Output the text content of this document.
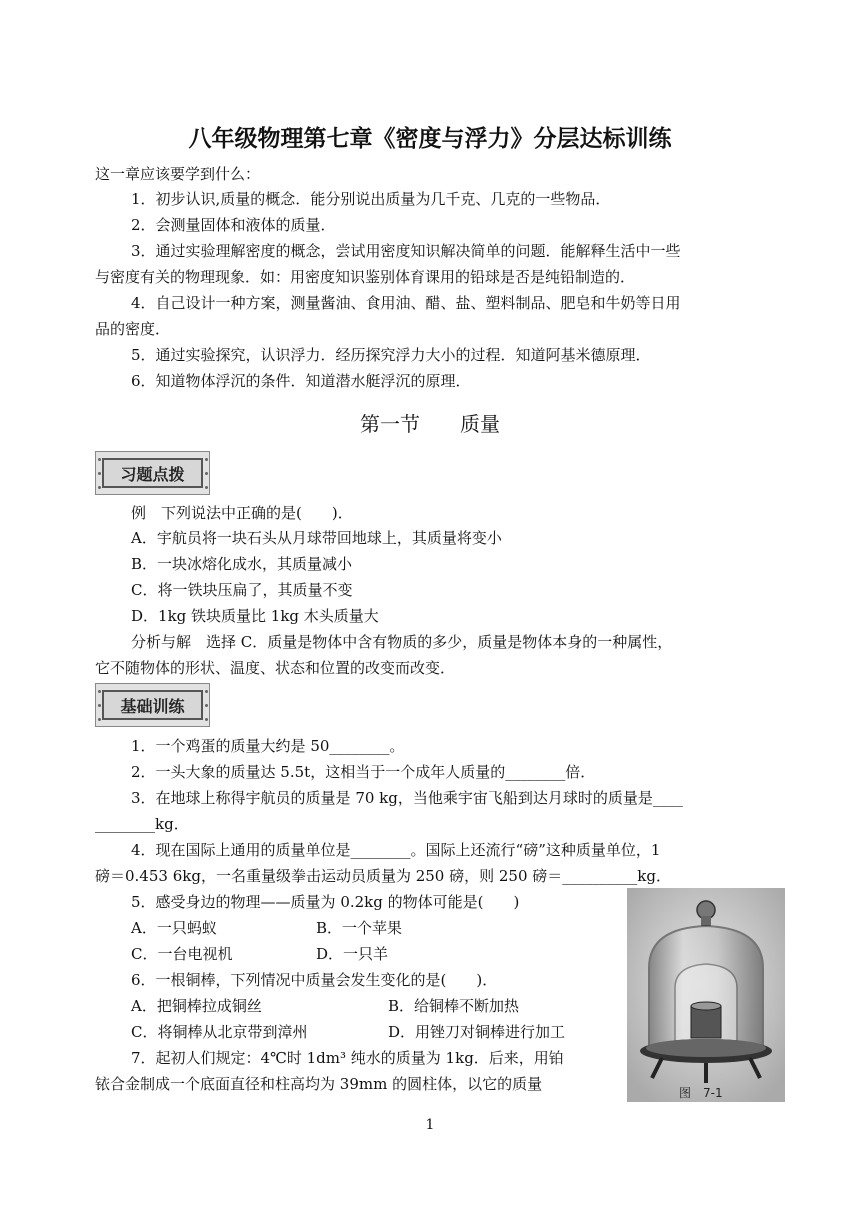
八年级物理第七章《密度与浮力》分层达标训练
这一章应该要学到什么：
1．初步认识,质量的概念．能分别说出质量为几千克、几克的一些物品．
2．会测量固体和液体的质量．
3．通过实验理解密度的概念，尝试用密度知识解决简单的问题．能解释生活中一些
与密度有关的物理现象．如：用密度知识鉴别体育课用的铅球是否是纯铅制造的．
4．自己设计一种方案，测量酱油、食用油、醋、盐、塑料制品、肥皂和牛奶等日用
品的密度．
5．通过实验探究，认识浮力．经历探究浮力大小的过程．知道阿基米德原理．
6．知道物体浮沉的条件．知道潜水艇浮沉的原理．
第一节　　质量
习题点拨
例　下列说法中正确的是(　　)．
A．宇航员将一块石头从月球带回地球上，其质量将变小
B．一块冰熔化成水，其质量减小
C．将一铁块压扁了，其质量不变
D．1kg 铁块质量比 1kg 木头质量大
分析与解　选择 C．质量是物体中含有物质的多少，质量是物体本身的一种属性，
它不随物体的形状、温度、状态和位置的改变而改变．
基础训练
1．一个鸡蛋的质量大约是 50________。
2．一头大象的质量达 5.5t，这相当于一个成年人质量的________倍．
3．在地球上称得宇航员的质量是 70 kg，当他乘宇宙飞船到达月球时的质量是____
________kg．
4．现在国际上通用的质量单位是________。国际上还流行“磅”这种质量单位，1
磅＝0.453 6kg，一名重量级拳击运动员质量为 250 磅，则 250 磅＝__________kg．
5．感受身边的物理——质量为 0.2kg 的物体可能是(　　)
A．一只蚂蚁	B．一个苹果
C．一台电视机	D．一只羊
6．一根铜棒，下列情况中质量会发生变化的是(　　)．
A．把铜棒拉成铜丝	B．给铜棒不断加热
C．将铜棒从北京带到漳州	D．用锉刀对铜棒进行加工
7．起初人们规定：4℃时 1dm³ 纯水的质量为 1kg．后来，用铂
铱合金制成一个底面直径和柱高均为 39mm 的圆柱体，以它的质量	图　7-1
1
